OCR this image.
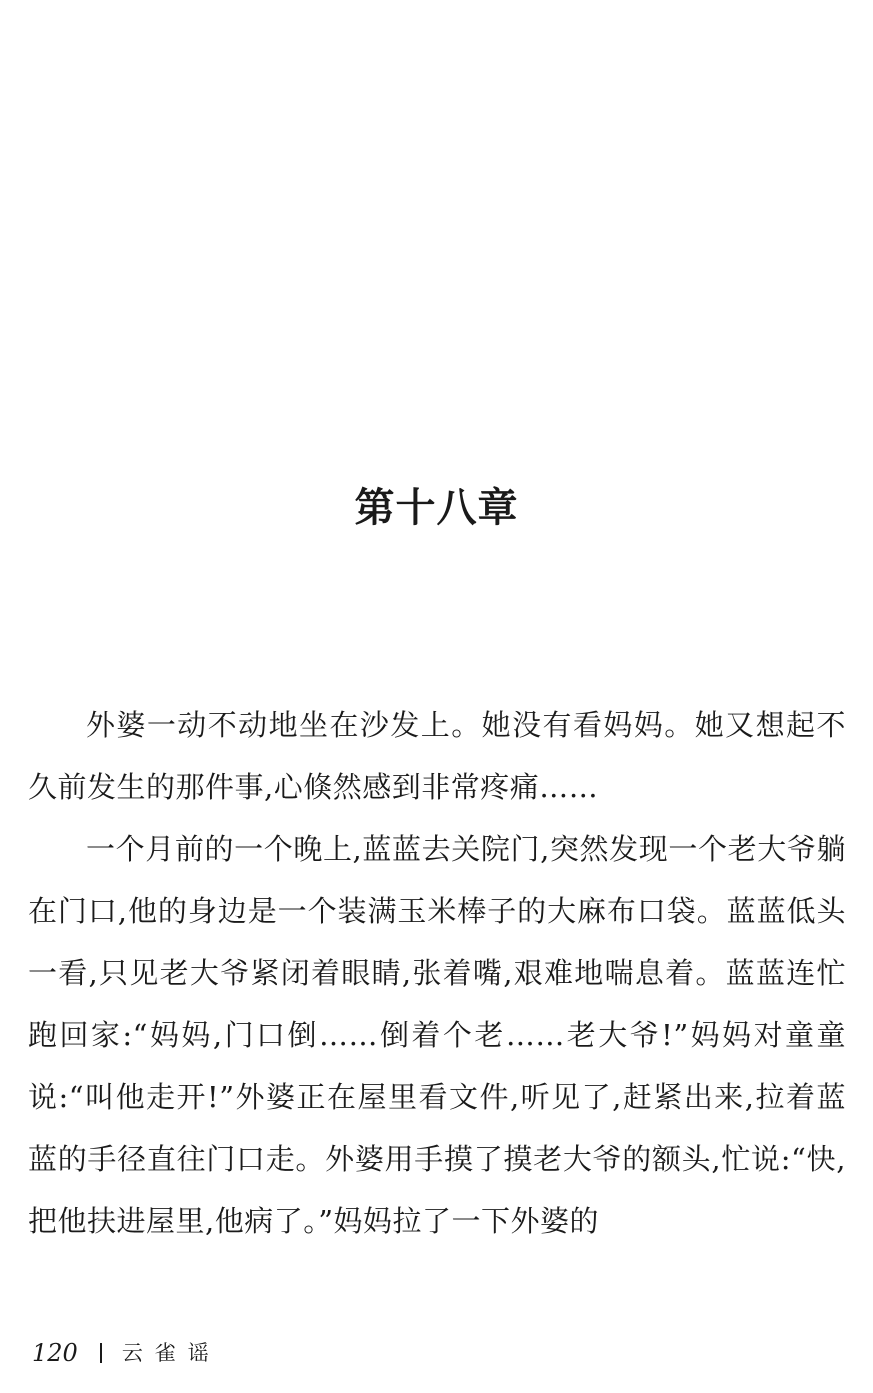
第十八章

外婆一动不动地坐在沙发上。她没有看妈妈。她又想起不久前发生的那件事,心倏然感到非常疼痛……

一个月前的一个晚上,蓝蓝去关院门,突然发现一个老大爷躺在门口,他的身边是一个装满玉米棒子的大麻布口袋。蓝蓝低头一看,只见老大爷紧闭着眼睛,张着嘴,艰难地喘息着。蓝蓝连忙跑回家:“妈妈,门口倒……倒着个老……老大爷!”妈妈对童童说:“叫他走开!”外婆正在屋里看文件,听见了,赶紧出来,拉着蓝蓝的手径直往门口走。外婆用手摸了摸老大爷的额头,忙说:“快,把他扶进屋里,他病了。”妈妈拉了一下外婆的

120 云雀谣
